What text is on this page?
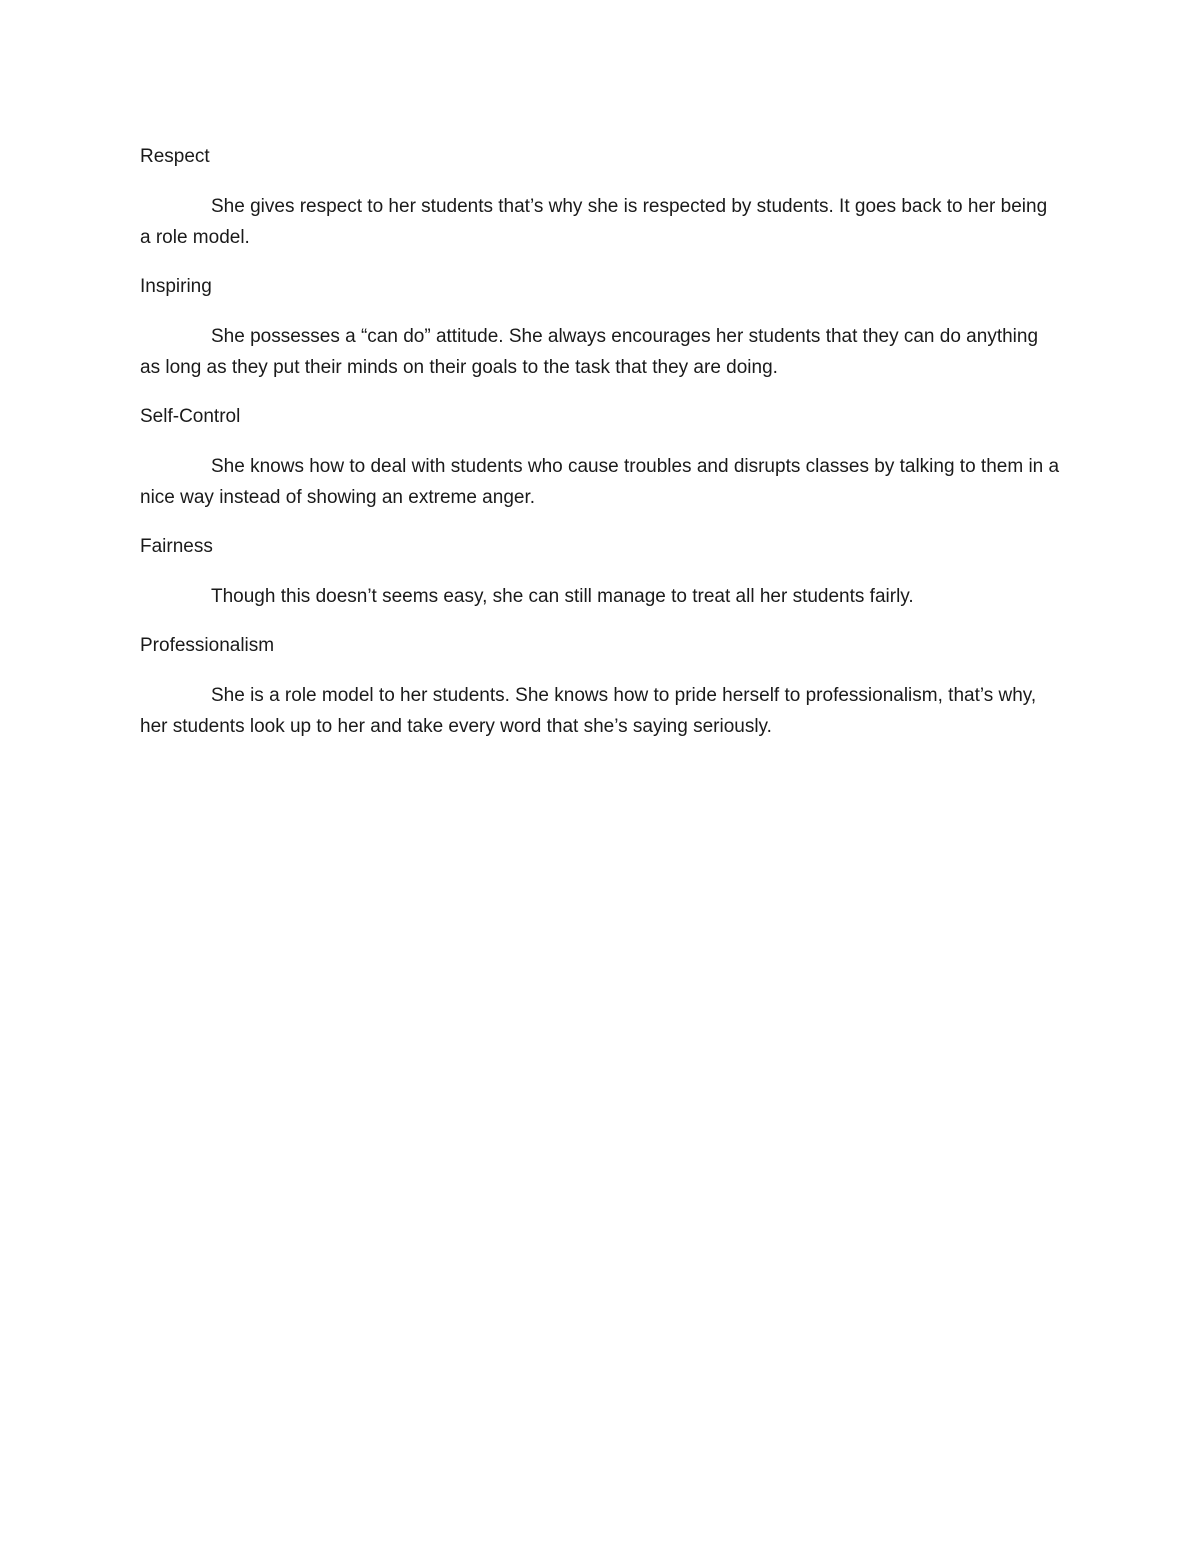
Respect

She gives respect to her students that’s why she is respected by students. It goes back to her being a role model.

Inspiring

She possesses a “can do” attitude. She always encourages her students that they can do anything as long as they put their minds on their goals to the task that they are doing.

Self-Control

She knows how to deal with students who cause troubles and disrupts classes by talking to them in a nice way instead of showing an extreme anger.

Fairness

Though this doesn’t seems easy, she can still manage to treat all her students fairly.

Professionalism

She is a role model to her students. She knows how to pride herself to professionalism, that’s why, her students look up to her and take every word that she’s saying seriously.
